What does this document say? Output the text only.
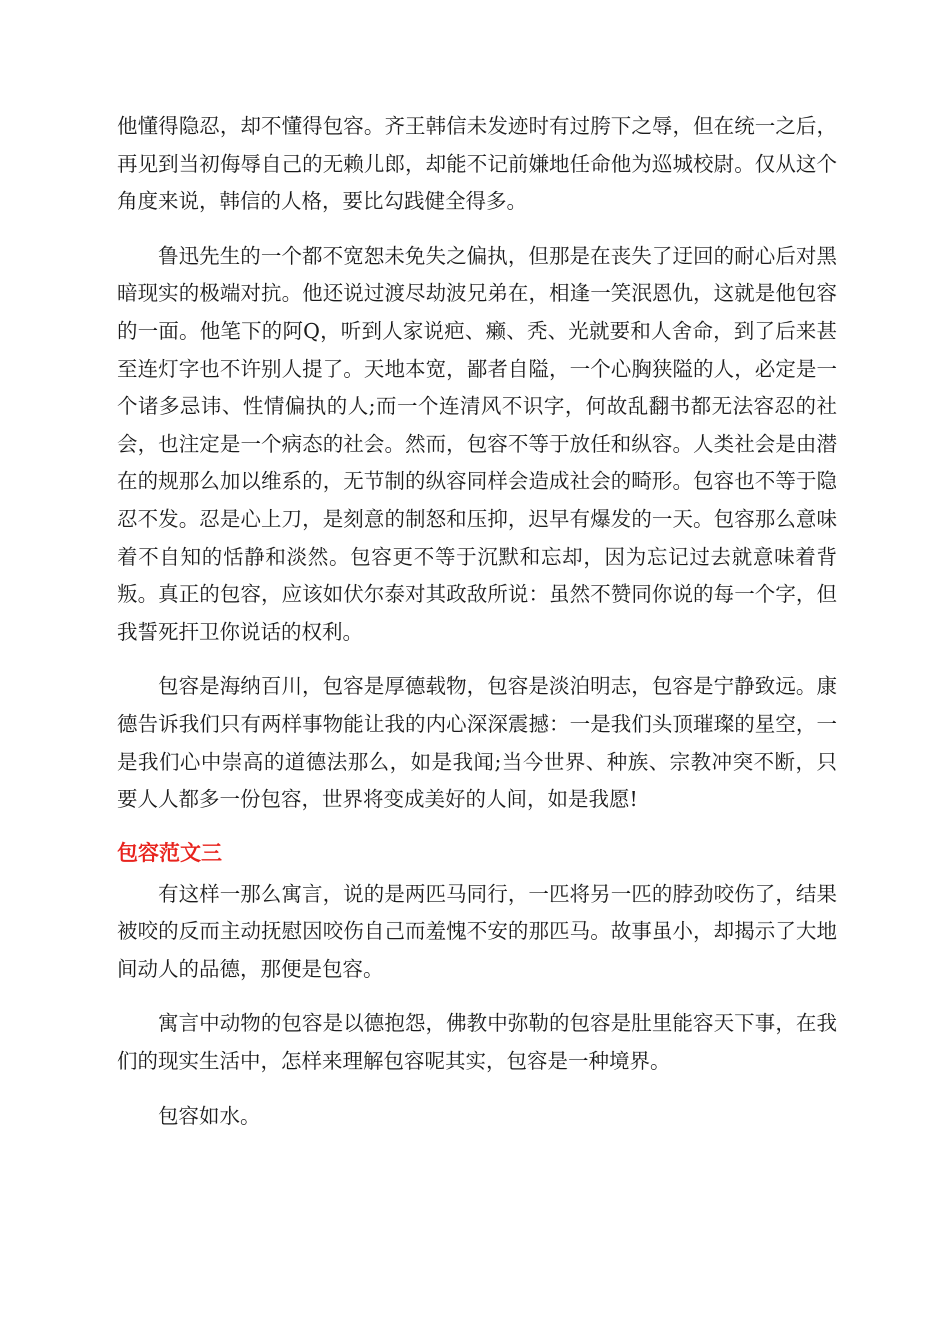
他懂得隐忍，却不懂得包容。齐王韩信未发迹时有过胯下之辱，但在统一之后，再见到当初侮辱自己的无赖儿郎，却能不记前嫌地任命他为巡城校尉。仅从这个角度来说，韩信的人格，要比勾践健全得多。

鲁迅先生的一个都不宽恕未免失之偏执，但那是在丧失了迂回的耐心后对黑暗现实的极端对抗。他还说过渡尽劫波兄弟在，相逢一笑泯恩仇，这就是他包容的一面。他笔下的阿Q，听到人家说疤、癞、秃、光就要和人舍命，到了后来甚至连灯字也不许别人提了。天地本宽，鄙者自隘，一个心胸狭隘的人，必定是一个诸多忌讳、性情偏执的人;而一个连清风不识字，何故乱翻书都无法容忍的社会，也注定是一个病态的社会。然而，包容不等于放任和纵容。人类社会是由潜在的规那么加以维系的，无节制的纵容同样会造成社会的畸形。包容也不等于隐忍不发。忍是心上刀，是刻意的制怒和压抑，迟早有爆发的一天。包容那么意味着不自知的恬静和淡然。包容更不等于沉默和忘却，因为忘记过去就意味着背叛。真正的包容，应该如伏尔泰对其政敌所说：虽然不赞同你说的每一个字，但我誓死扞卫你说话的权利。

包容是海纳百川，包容是厚德载物，包容是淡泊明志，包容是宁静致远。康德告诉我们只有两样事物能让我的内心深深震撼：一是我们头顶璀璨的星空，一是我们心中崇高的道德法那么，如是我闻;当今世界、种族、宗教冲突不断，只要人人都多一份包容，世界将变成美好的人间，如是我愿!

包容范文三

有这样一那么寓言，说的是两匹马同行，一匹将另一匹的脖劲咬伤了，结果被咬的反而主动抚慰因咬伤自己而羞愧不安的那匹马。故事虽小，却揭示了大地间动人的品德，那便是包容。

寓言中动物的包容是以德抱怨，佛教中弥勒的包容是肚里能容天下事，在我们的现实生活中，怎样来理解包容呢其实，包容是一种境界。

包容如水。
